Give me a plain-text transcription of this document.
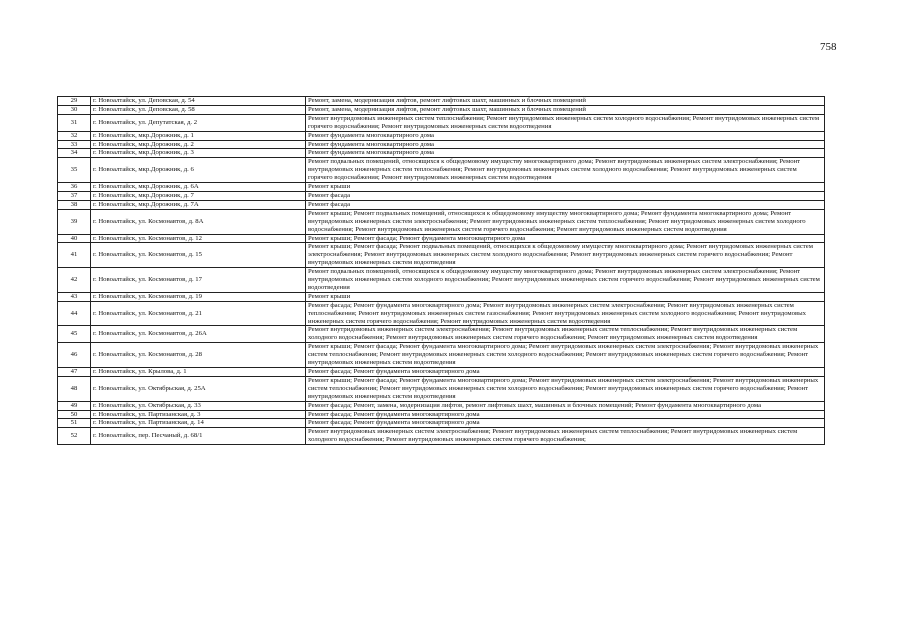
758
29	г. Новоалтайск, ул. Деповская, д. 54	Ремонт, замена, модернизация лифтов, ремонт лифтовых шахт, машинных и блочных помещений
30	г. Новоалтайск, ул. Деповская, д. 58	Ремонт, замена, модернизация лифтов, ремонт лифтовых шахт, машинных и блочных помещений
31	г. Новоалтайск, ул. Депутатская, д. 2	Ремонт внутридомовых инженерных систем теплоснабжения; Ремонт внутридомовых инженерных систем холодного водоснабжения; Ремонт внутридомовых инженерных систем горячего водоснабжения; Ремонт внутридомовых инженерных систем водоотведения
32	г. Новоалтайск, мкр.Дорожник, д. 1	Ремонт фундамента многоквартирного дома
33	г. Новоалтайск, мкр.Дорожник, д. 2	Ремонт фундамента многоквартирного дома
34	г. Новоалтайск, мкр.Дорожник, д. 3	Ремонт фундамента многоквартирного дома
35	г. Новоалтайск, мкр.Дорожник, д. 6	Ремонт подвальных помещений, относящихся к общедомовому имуществу многоквартирного дома; Ремонт внутридомовых инженерных систем электроснабжения; Ремонт внутридомовых инженерных систем теплоснабжения; Ремонт внутридомовых инженерных систем холодного водоснабжения; Ремонт внутридомовых инженерных систем горячего водоснабжения; Ремонт внутридомовых инженерных систем водоотведения
36	г. Новоалтайск, мкр.Дорожник, д. 6А	Ремонт крыши
37	г. Новоалтайск, мкр.Дорожник, д. 7	Ремонт фасада
38	г. Новоалтайск, мкр.Дорожник, д. 7А	Ремонт фасада
39	г. Новоалтайск, ул. Космонавтов, д. 8А	Ремонт крыши; Ремонт подвальных помещений, относящихся к общедомовому имуществу многоквартирного дома; Ремонт фундамента многоквартирного дома; Ремонт внутридомовых инженерных систем электроснабжения; Ремонт внутридомовых инженерных систем теплоснабжения; Ремонт внутридомовых инженерных систем холодного водоснабжения; Ремонт внутридомовых инженерных систем горячего водоснабжения; Ремонт внутридомовых инженерных систем водоотведения
40	г. Новоалтайск, ул. Космонавтов, д. 12	Ремонт крыши; Ремонт фасада; Ремонт фундамента многоквартирного дома
41	г. Новоалтайск, ул. Космонавтов, д. 15	Ремонт крыши; Ремонт фасада; Ремонт подвальных помещений, относящихся к общедомовому имуществу многоквартирного дома; Ремонт внутридомовых инженерных систем электроснабжения; Ремонт внутридомовых инженерных систем холодного водоснабжения; Ремонт внутридомовых инженерных систем горячего водоснабжения; Ремонт внутридомовых инженерных систем водоотведения
42	г. Новоалтайск, ул. Космонавтов, д. 17	Ремонт подвальных помещений, относящихся к общедомовому имуществу многоквартирного дома; Ремонт внутридомовых инженерных систем электроснабжения; Ремонт внутридомовых инженерных систем холодного водоснабжения; Ремонт внутридомовых инженерных систем горячего водоснабжения; Ремонт внутридомовых инженерных систем водоотведения
43	г. Новоалтайск, ул. Космонавтов, д. 19	Ремонт крыши
44	г. Новоалтайск, ул. Космонавтов, д. 21	Ремонт фасада; Ремонт фундамента многоквартирного дома; Ремонт внутридомовых инженерных систем электроснабжения; Ремонт внутридомовых инженерных систем теплоснабжения; Ремонт внутридомовых инженерных систем газоснабжения; Ремонт внутридомовых инженерных систем холодного водоснабжения; Ремонт внутридомовых инженерных систем горячего водоснабжения; Ремонт внутридомовых инженерных систем водоотведения
45	г. Новоалтайск, ул. Космонавтов, д. 26А	Ремонт внутридомовых инженерных систем электроснабжения; Ремонт внутридомовых инженерных систем теплоснабжения; Ремонт внутридомовых инженерных систем холодного водоснабжения; Ремонт внутридомовых инженерных систем горячего водоснабжения; Ремонт внутридомовых инженерных систем водоотведения
46	г. Новоалтайск, ул. Космонавтов, д. 28	Ремонт крыши; Ремонт фасада; Ремонт фундамента многоквартирного дома; Ремонт внутридомовых инженерных систем электроснабжения; Ремонт внутридомовых инженерных систем теплоснабжения; Ремонт внутридомовых инженерных систем холодного водоснабжения; Ремонт внутридомовых инженерных систем горячего водоснабжения; Ремонт внутридомовых инженерных систем водоотведения
47	г. Новоалтайск, ул. Крылова, д. 1	Ремонт фасада; Ремонт фундамента многоквартирного дома
48	г. Новоалтайск, ул. Октябрьская, д. 25А	Ремонт крыши; Ремонт фасада; Ремонт фундамента многоквартирного дома; Ремонт внутридомовых инженерных систем электроснабжения; Ремонт внутридомовых инженерных систем теплоснабжения; Ремонт внутридомовых инженерных систем холодного водоснабжения; Ремонт внутридомовых инженерных систем горячего водоснабжения; Ремонт внутридомовых инженерных систем водоотведения
49	г. Новоалтайск, ул. Октябрьская, д. 33	Ремонт фасада; Ремонт, замена, модернизация лифтов, ремонт лифтовых шахт, машинных и блочных помещений; Ремонт фундамента многоквартирного дома
50	г. Новоалтайск, ул. Партизанская, д. 3	Ремонт фасада; Ремонт фундамента многоквартирного дома
51	г. Новоалтайск, ул. Партизанская, д. 14	Ремонт фасада; Ремонт фундамента многоквартирного дома
52	г. Новоалтайск, пер. Песчаный, д. 68/1	Ремонт внутридомовых инженерных систем электроснабжения; Ремонт внутридомовых инженерных систем теплоснабжения; Ремонт внутридомовых инженерных систем холодного водоснабжения; Ремонт внутридомовых инженерных систем горячего водоснабжения;
